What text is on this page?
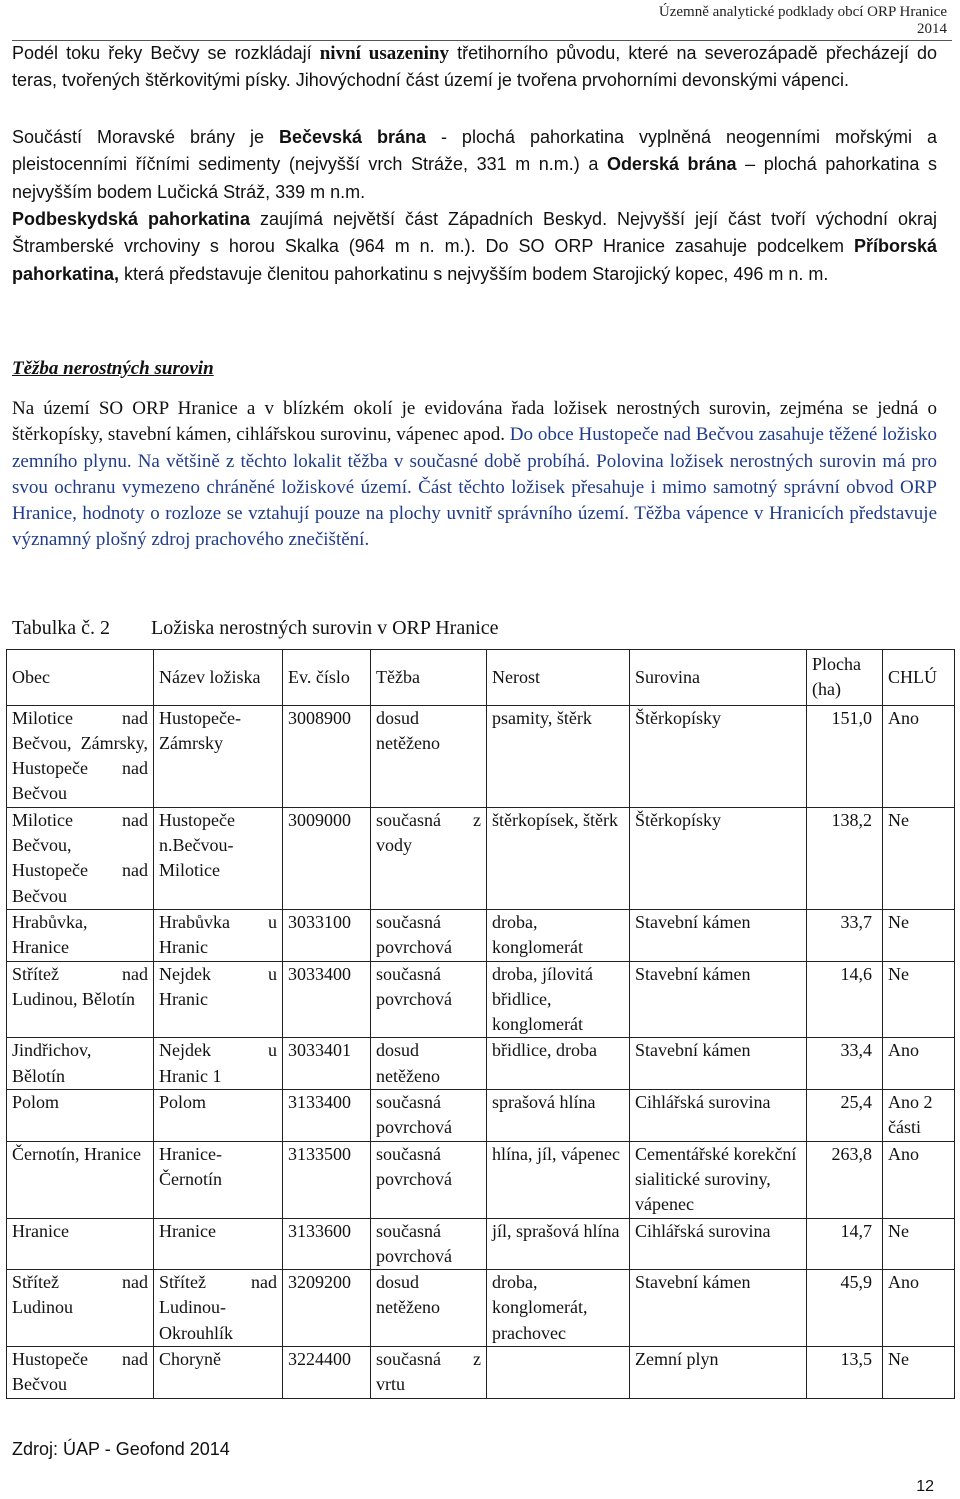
Územně analytické podklady obcí ORP Hranice
2014

Podél toku řeky Bečvy se rozkládají nivní usazeniny třetihorního původu, které na severozápadě přecházejí do teras, tvořených štěrkovitými písky. Jihovýchodní část území je tvořena prvohorními devonskými vápenci.

Součástí Moravské brány je Bečevská brána - plochá pahorkatina vyplněná neogenními mořskými a pleistocenními říčními sedimenty (nejvyšší vrch Stráže, 331 m n.m.) a Oderská brána – plochá pahorkatina s nejvyšším bodem Lučická Stráž, 339 m n.m.

Podbeskydská pahorkatina zaujímá největší část Západních Beskyd. Nejvyšší její část tvoří východní okraj Štramberské vrchoviny s horou Skalka (964 m n. m.). Do SO ORP Hranice zasahuje podcelkem Příborská pahorkatina, která představuje členitou pahorkatinu s nejvyšším bodem Starojický kopec, 496 m n. m.

Těžba nerostných surovin

Na území SO ORP Hranice a v blízkém okolí je evidována řada ložisek nerostných surovin, zejména se jedná o štěrkopísky, stavební kámen, cihlářskou surovinu, vápenec apod. Do obce Hustopeče nad Bečvou zasahuje těžené ložisko zemního plynu. Na většině z těchto lokalit těžba v současné době probíhá. Polovina ložisek nerostných surovin má pro svou ochranu vymezeno chráněné ložiskové území. Část těchto ložisek přesahuje i mimo samotný správní obvod ORP Hranice, hodnoty o rozloze se vztahují pouze na plochy uvnitř správního území. Těžba vápence v Hranicích představuje významný plošný zdroj prachového znečištění.

Tabulka č. 2 Ložiska nerostných surovin v ORP Hranice
Obec	Název ložiska	Ev. číslo	Těžba	Nerost	Surovina	Plocha (ha)	CHLÚ
Milotice nad Bečvou, Zámrsky, Hustopeče nad Bečvou	Hustopeče-Zámrsky	3008900	dosud netěženo	psamity, štěrk	Štěrkopísky	151,0	Ano
Milotice nad Bečvou, Hustopeče nad Bečvou	Hustopeče n.Bečvou-Milotice	3009000	současná z vody	štěrkopísek, štěrk	Štěrkopísky	138,2	Ne
Hrabůvka, Hranice	Hrabůvka u Hranic	3033100	současná povrchová	droba, konglomerát	Stavební kámen	33,7	Ne
Střítež nad Ludinou, Bělotín	Nejdek u Hranic	3033400	současná povrchová	droba, jílovitá břidlice, konglomerát	Stavební kámen	14,6	Ne
Jindřichov, Bělotín	Nejdek u Hranic 1	3033401	dosud netěženo	břidlice, droba	Stavební kámen	33,4	Ano
Polom	Polom	3133400	současná povrchová	sprašová hlína	Cihlářská surovina	25,4	Ano 2 části
Černotín, Hranice	Hranice-Černotín	3133500	současná povrchová	hlína, jíl, vápenec	Cementářské korekční sialitické suroviny, vápenec	263,8	Ano
Hranice	Hranice	3133600	současná povrchová	jíl, sprašová hlína	Cihlářská surovina	14,7	Ne
Střítež nad Ludinou	Střítež nad Ludinou-Okrouhlík	3209200	dosud netěženo	droba, konglomerát, prachovec	Stavební kámen	45,9	Ano
Hustopeče nad Bečvou	Choryně	3224400	současná z vrtu		Zemní plyn	13,5	Ne
Zdroj: ÚAP - Geofond 2014
12
